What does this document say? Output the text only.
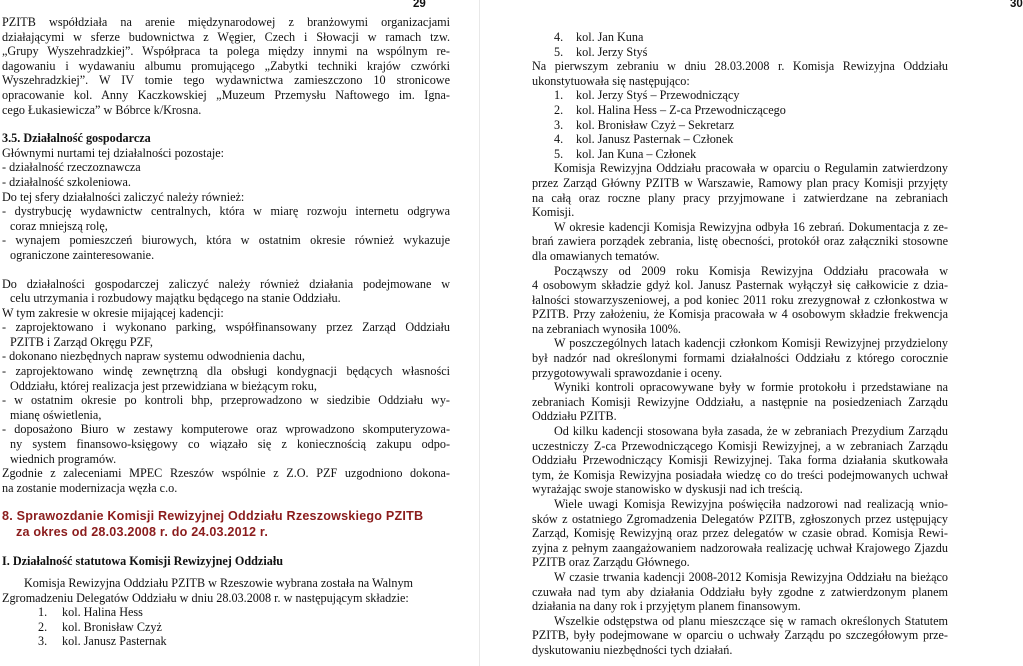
29
PZITB współdziała na arenie międzynarodowej z branżowymi organizacjami
działającymi w sferze budownictwa z Węgier, Czech i Słowacji w ramach tzw.
„Grupy Wyszehradzkiej”. Współpraca ta polega między innymi na wspólnym re-
dagowaniu i wydawaniu albumu promującego „Zabytki techniki krajów czwórki
Wyszehradzkiej”. W IV tomie tego wydawnictwa zamieszczono 10 stronicowe
opracowanie kol. Anny Kaczkowskiej „Muzeum Przemysłu Naftowego im. Igna-
cego Łukasiewicza” w Bóbrce k/Krosna.
3.5. Działalność gospodarcza
Głównymi nurtami tej działalności pozostaje:
- działalność rzeczoznawcza
- działalność szkoleniowa.
Do tej sfery działalności zaliczyć należy również:
- dystrybucję wydawnictw centralnych, która w miarę rozwoju internetu odgrywa
coraz mniejszą rolę,
- wynajem pomieszczeń biurowych, która w ostatnim okresie również wykazuje
ograniczone zainteresowanie.
Do działalności gospodarczej zaliczyć należy również działania podejmowane w
celu utrzymania i rozbudowy majątku będącego na stanie Oddziału.
W tym zakresie w okresie mijającej kadencji:
- zaprojektowano i wykonano parking, współfinansowany przez Zarząd Oddziału
PZITB i Zarząd Okręgu PZF,
- dokonano niezbędnych napraw systemu odwodnienia dachu,
- zaprojektowano windę zewnętrzną dla obsługi kondygnacji będących własności
Oddziału, której realizacja jest przewidziana w bieżącym roku,
- w ostatnim okresie po kontroli bhp, przeprowadzono w siedzibie Oddziału wy-
mianę oświetlenia,
- doposażono Biuro w zestawy komputerowe oraz wprowadzono skomputeryzowa-
ny system finansowo-księgowy co wiązało się z koniecznością zakupu odpo-
wiednich programów.
Zgodnie z zaleceniami MPEC Rzeszów wspólnie z Z.O. PZF uzgodniono dokona-
na zostanie modernizacja węzła c.o.
8. Sprawozdanie Komisji Rewizyjnej Oddziału Rzeszowskiego PZITB
za okres od 28.03.2008 r. do 24.03.2012 r.
I. Działalność statutowa Komisji Rewizyjnej Oddziału
Komisja Rewizyjna Oddziału PZITB w Rzeszowie wybrana została na Walnym
Zgromadzeniu Delegatów Oddziału w dniu 28.03.2008 r. w następującym składzie:
1. kol. Halina Hess
2. kol. Bronisław Czyż
3. kol. Janusz Pasternak
30
4. kol. Jan Kuna
5. kol. Jerzy Styś
Na pierwszym zebraniu w dniu 28.03.2008 r. Komisja Rewizyjna Oddziału
ukonstytuowała się następująco:
1. kol. Jerzy Styś – Przewodniczący
2. kol. Halina Hess – Z-ca Przewodniczącego
3. kol. Bronisław Czyż – Sekretarz
4. kol. Janusz Pasternak – Członek
5. kol. Jan Kuna – Członek
Komisja Rewizyjna Oddziału pracowała w oparciu o Regulamin zatwierdzony
przez Zarząd Główny PZITB w Warszawie, Ramowy plan pracy Komisji przyjęty
na całą oraz roczne plany pracy przyjmowane i zatwierdzane na zebraniach
Komisji.
W okresie kadencji Komisja Rewizyjna odbyła 16 zebrań. Dokumentacja z ze-
brań zawiera porządek zebrania, listę obecności, protokół oraz załączniki stosowne
dla omawianych tematów.
Począwszy od 2009 roku Komisja Rewizyjna Oddziału pracowała w
4 osobowym składzie gdyż kol. Janusz Pasternak wyłączył się całkowicie z dzia-
łalności stowarzyszeniowej, a pod koniec 2011 roku zrezygnował z członkostwa w
PZITB. Przy założeniu, że Komisja pracowała w 4 osobowym składzie frekwencja
na zebraniach wynosiła 100%.
W poszczególnych latach kadencji członkom Komisji Rewizyjnej przydzielony
był nadzór nad określonymi formami działalności Oddziału z którego corocznie
przygotowywali sprawozdanie i oceny.
Wyniki kontroli opracowywane były w formie protokołu i przedstawiane na
zebraniach Komisji Rewizyjne Oddziału, a następnie na posiedzeniach Zarządu
Oddziału PZITB.
Od kilku kadencji stosowana była zasada, że w zebraniach Prezydium Zarządu
uczestniczy Z-ca Przewodniczącego Komisji Rewizyjnej, a w zebraniach Zarządu
Oddziału Przewodniczący Komisji Rewizyjnej. Taka forma działania skutkowała
tym, że Komisja Rewizyjna posiadała wiedzę co do treści podejmowanych uchwał
wyrażając swoje stanowisko w dyskusji nad ich treścią.
Wiele uwagi Komisja Rewizyjna poświęciła nadzorowi nad realizacją wnio-
sków z ostatniego Zgromadzenia Delegatów PZITB, zgłoszonych przez ustępujący
Zarząd, Komisję Rewizyjną oraz przez delegatów w czasie obrad. Komisja Rewi-
zyjna z pełnym zaangażowaniem nadzorowała realizację uchwał Krajowego Zjazdu
PZITB oraz Zarządu Głównego.
W czasie trwania kadencji 2008-2012 Komisja Rewizyjna Oddziału na bieżąco
czuwała nad tym aby działania Oddziału były zgodne z zatwierdzonym planem
działania na dany rok i przyjętym planem finansowym.
Wszelkie odstępstwa od planu mieszczące się w ramach określonych Statutem
PZITB, były podejmowane w oparciu o uchwały Zarządu po szczegółowym prze-
dyskutowaniu niezbędności tych działań.
